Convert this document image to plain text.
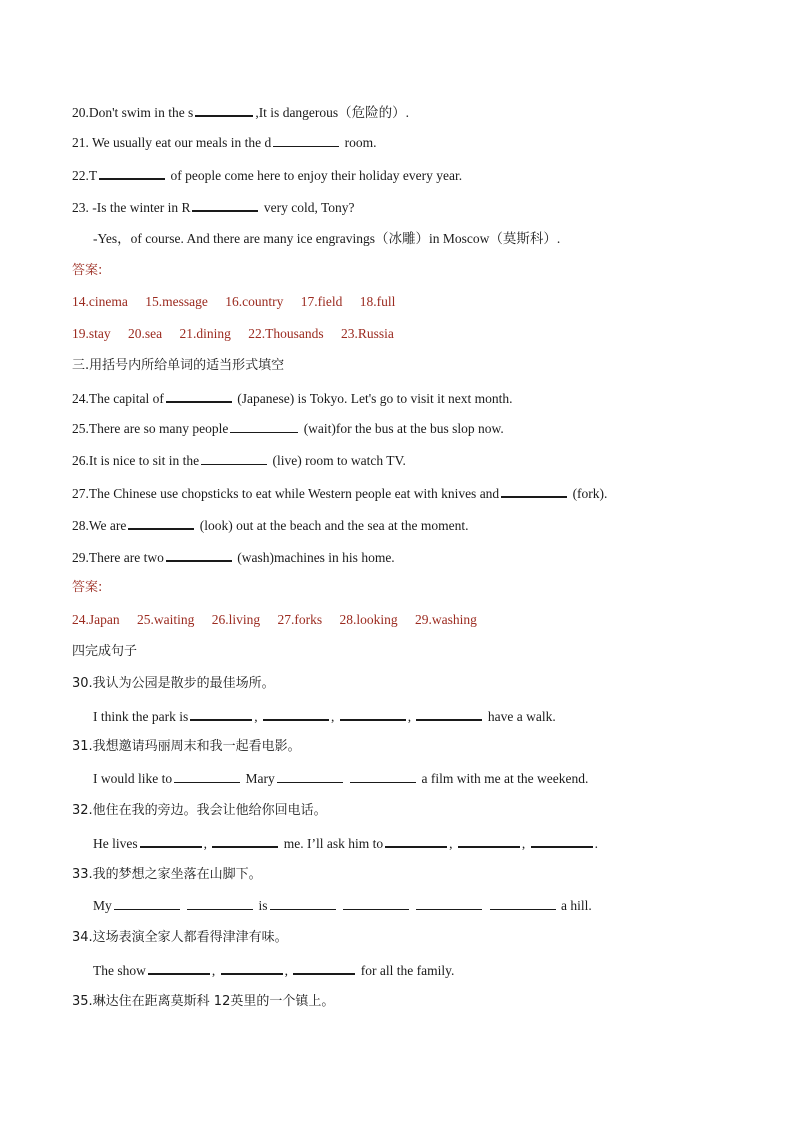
20.Don't swim in the s	,It is dangerous（危险的）.
21. We usually eat our meals in the d	room.
22.T	of people come here to enjoy their holiday every year.
23. -Is the winter in R	very cold, Tony?
-Yes，of course. And there are many ice engravings（冰雕）in Moscow（莫斯科）.
答案:
14.cinema 15.message 16.country 17.field 18.full
19.stay 20.sea 21.dining 22.Thousands 23.Russia
三.用括号内所给单词的适当形式填空
24.The capital of	(Japanese) is Tokyo. Let's go to visit it next month.
25.There are so many people	(wait)for the bus at the bus slop now.
26.It is nice to sit in the	(live) room to watch TV.
27.The Chinese use chopsticks to eat while Western people eat with knives and	(fork).
28.We are	(look) out at the beach and the sea at the moment.
29.There are two	(wash)machines in his home.
答案:
24.Japan 25.waiting 26.living 27.forks 28.looking 29.washing
四完成句子
30.我认为公园是散步的最佳场所。
I think the park is	,	,	,	have a walk.
31.我想邀请玛丽周末和我一起看电影。
I would like to	Mary	a film with me at the weekend.
32.他住在我的旁边。我会让他给你回电话。
He lives	,	me. I’ll ask him to	,	,	.
33.我的梦想之家坐落在山脚下。
My	is	a hill.
34.这场表演全家人都看得津津有味。
The show	,	,	for all the family.
35.琳达住在距离莫斯科 12英里的一个镇上。
